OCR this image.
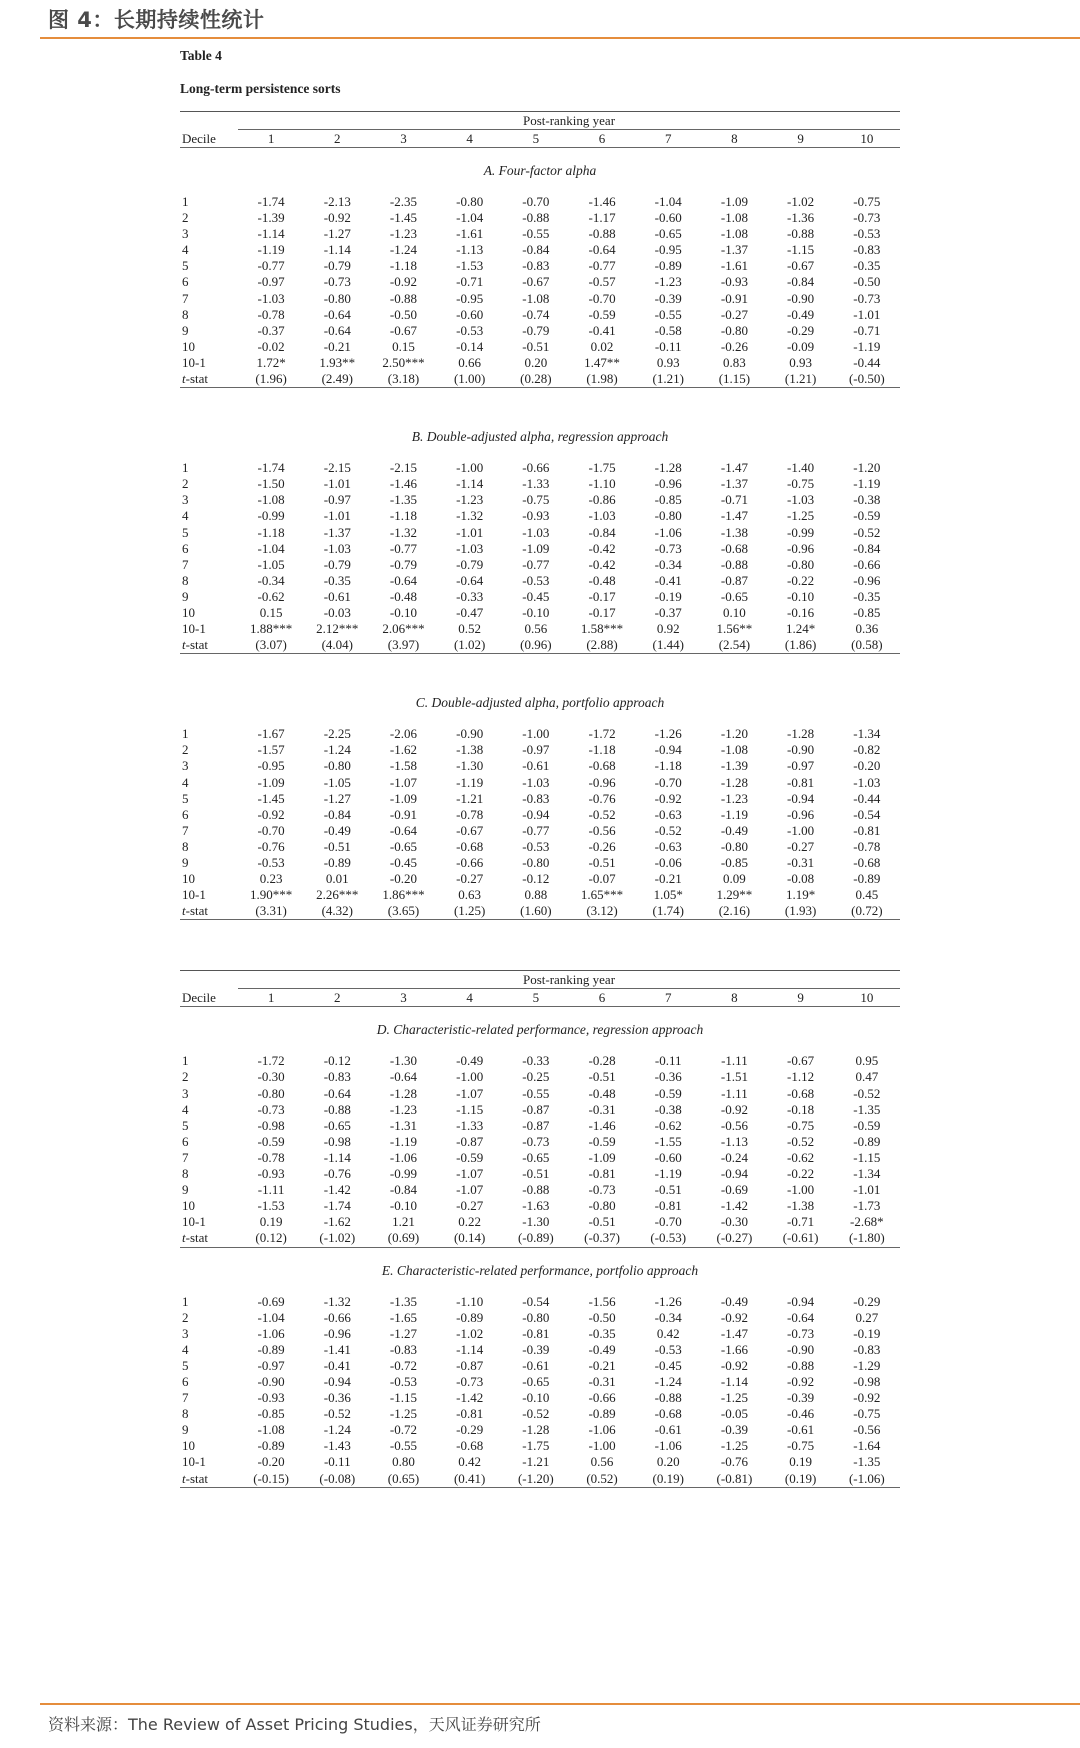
图 4：长期持续性统计
Table 4
Long-term persistence sorts
	Post-ranking year									
Decile	1	2	3	4	5	6	7	8	9	10
A. Four-factor alpha										
1	-1.74	-2.13	-2.35	-0.80	-0.70	-1.46	-1.04	-1.09	-1.02	-0.75
2	-1.39	-0.92	-1.45	-1.04	-0.88	-1.17	-0.60	-1.08	-1.36	-0.73
3	-1.14	-1.27	-1.23	-1.61	-0.55	-0.88	-0.65	-1.08	-0.88	-0.53
4	-1.19	-1.14	-1.24	-1.13	-0.84	-0.64	-0.95	-1.37	-1.15	-0.83
5	-0.77	-0.79	-1.18	-1.53	-0.83	-0.77	-0.89	-1.61	-0.67	-0.35
6	-0.97	-0.73	-0.92	-0.71	-0.67	-0.57	-1.23	-0.93	-0.84	-0.50
7	-1.03	-0.80	-0.88	-0.95	-1.08	-0.70	-0.39	-0.91	-0.90	-0.73
8	-0.78	-0.64	-0.50	-0.60	-0.74	-0.59	-0.55	-0.27	-0.49	-1.01
9	-0.37	-0.64	-0.67	-0.53	-0.79	-0.41	-0.58	-0.80	-0.29	-0.71
10	-0.02	-0.21	0.15	-0.14	-0.51	0.02	-0.11	-0.26	-0.09	-1.19
10-1	1.72*	1.93**	2.50***	0.66	0.20	1.47**	0.93	0.83	0.93	-0.44
t-stat	(1.96)	(2.49)	(3.18)	(1.00)	(0.28)	(1.98)	(1.21)	(1.15)	(1.21)	(-0.50)

B. Double-adjusted alpha, regression approach										
1	-1.74	-2.15	-2.15	-1.00	-0.66	-1.75	-1.28	-1.47	-1.40	-1.20
2	-1.50	-1.01	-1.46	-1.14	-1.33	-1.10	-0.96	-1.37	-0.75	-1.19
3	-1.08	-0.97	-1.35	-1.23	-0.75	-0.86	-0.85	-0.71	-1.03	-0.38
4	-0.99	-1.01	-1.18	-1.32	-0.93	-1.03	-0.80	-1.47	-1.25	-0.59
5	-1.18	-1.37	-1.32	-1.01	-1.03	-0.84	-1.06	-1.38	-0.99	-0.52
6	-1.04	-1.03	-0.77	-1.03	-1.09	-0.42	-0.73	-0.68	-0.96	-0.84
7	-1.05	-0.79	-0.79	-0.79	-0.77	-0.42	-0.34	-0.88	-0.80	-0.66
8	-0.34	-0.35	-0.64	-0.64	-0.53	-0.48	-0.41	-0.87	-0.22	-0.96
9	-0.62	-0.61	-0.48	-0.33	-0.45	-0.17	-0.19	-0.65	-0.10	-0.35
10	0.15	-0.03	-0.10	-0.47	-0.10	-0.17	-0.37	0.10	-0.16	-0.85
10-1	1.88***	2.12***	2.06***	0.52	0.56	1.58***	0.92	1.56**	1.24*	0.36
t-stat	(3.07)	(4.04)	(3.97)	(1.02)	(0.96)	(2.88)	(1.44)	(2.54)	(1.86)	(0.58)

C. Double-adjusted alpha, portfolio approach										
1	-1.67	-2.25	-2.06	-0.90	-1.00	-1.72	-1.26	-1.20	-1.28	-1.34
2	-1.57	-1.24	-1.62	-1.38	-0.97	-1.18	-0.94	-1.08	-0.90	-0.82
3	-0.95	-0.80	-1.58	-1.30	-0.61	-0.68	-1.18	-1.39	-0.97	-0.20
4	-1.09	-1.05	-1.07	-1.19	-1.03	-0.96	-0.70	-1.28	-0.81	-1.03
5	-1.45	-1.27	-1.09	-1.21	-0.83	-0.76	-0.92	-1.23	-0.94	-0.44
6	-0.92	-0.84	-0.91	-0.78	-0.94	-0.52	-0.63	-1.19	-0.96	-0.54
7	-0.70	-0.49	-0.64	-0.67	-0.77	-0.56	-0.52	-0.49	-1.00	-0.81
8	-0.76	-0.51	-0.65	-0.68	-0.53	-0.26	-0.63	-0.80	-0.27	-0.78
9	-0.53	-0.89	-0.45	-0.66	-0.80	-0.51	-0.06	-0.85	-0.31	-0.68
10	0.23	0.01	-0.20	-0.27	-0.12	-0.07	-0.21	0.09	-0.08	-0.89
10-1	1.90***	2.26***	1.86***	0.63	0.88	1.65***	1.05*	1.29**	1.19*	0.45
t-stat	(3.31)	(4.32)	(3.65)	(1.25)	(1.60)	(3.12)	(1.74)	(2.16)	(1.93)	(0.72)
	Post-ranking year									
Decile	1	2	3	4	5	6	7	8	9	10
D. Characteristic-related performance, regression approach										
1	-1.72	-0.12	-1.30	-0.49	-0.33	-0.28	-0.11	-1.11	-0.67	0.95
2	-0.30	-0.83	-0.64	-1.00	-0.25	-0.51	-0.36	-1.51	-1.12	0.47
3	-0.80	-0.64	-1.28	-1.07	-0.55	-0.48	-0.59	-1.11	-0.68	-0.52
4	-0.73	-0.88	-1.23	-1.15	-0.87	-0.31	-0.38	-0.92	-0.18	-1.35
5	-0.98	-0.65	-1.31	-1.33	-0.87	-1.46	-0.62	-0.56	-0.75	-0.59
6	-0.59	-0.98	-1.19	-0.87	-0.73	-0.59	-1.55	-1.13	-0.52	-0.89
7	-0.78	-1.14	-1.06	-0.59	-0.65	-1.09	-0.60	-0.24	-0.62	-1.15
8	-0.93	-0.76	-0.99	-1.07	-0.51	-0.81	-1.19	-0.94	-0.22	-1.34
9	-1.11	-1.42	-0.84	-1.07	-0.88	-0.73	-0.51	-0.69	-1.00	-1.01
10	-1.53	-1.74	-0.10	-0.27	-1.63	-0.80	-0.81	-1.42	-1.38	-1.73
10-1	0.19	-1.62	1.21	0.22	-1.30	-0.51	-0.70	-0.30	-0.71	-2.68*
t-stat	(0.12)	(-1.02)	(0.69)	(0.14)	(-0.89)	(-0.37)	(-0.53)	(-0.27)	(-0.61)	(-1.80)
E. Characteristic-related performance, portfolio approach										
1	-0.69	-1.32	-1.35	-1.10	-0.54	-1.56	-1.26	-0.49	-0.94	-0.29
2	-1.04	-0.66	-1.65	-0.89	-0.80	-0.50	-0.34	-0.92	-0.64	0.27
3	-1.06	-0.96	-1.27	-1.02	-0.81	-0.35	0.42	-1.47	-0.73	-0.19
4	-0.89	-1.41	-0.83	-1.14	-0.39	-0.49	-0.53	-1.66	-0.90	-0.83
5	-0.97	-0.41	-0.72	-0.87	-0.61	-0.21	-0.45	-0.92	-0.88	-1.29
6	-0.90	-0.94	-0.53	-0.73	-0.65	-0.31	-1.24	-1.14	-0.92	-0.98
7	-0.93	-0.36	-1.15	-1.42	-0.10	-0.66	-0.88	-1.25	-0.39	-0.92
8	-0.85	-0.52	-1.25	-0.81	-0.52	-0.89	-0.68	-0.05	-0.46	-0.75
9	-1.08	-1.24	-0.72	-0.29	-1.28	-1.06	-0.61	-0.39	-0.61	-0.56
10	-0.89	-1.43	-0.55	-0.68	-1.75	-1.00	-1.06	-1.25	-0.75	-1.64
10-1	-0.20	-0.11	0.80	0.42	-1.21	0.56	0.20	-0.76	0.19	-1.35
t-stat	(-0.15)	(-0.08)	(0.65)	(0.41)	(-1.20)	(0.52)	(0.19)	(-0.81)	(0.19)	(-1.06)
资料来源：The Review of Asset Pricing Studies，天风证券研究所
